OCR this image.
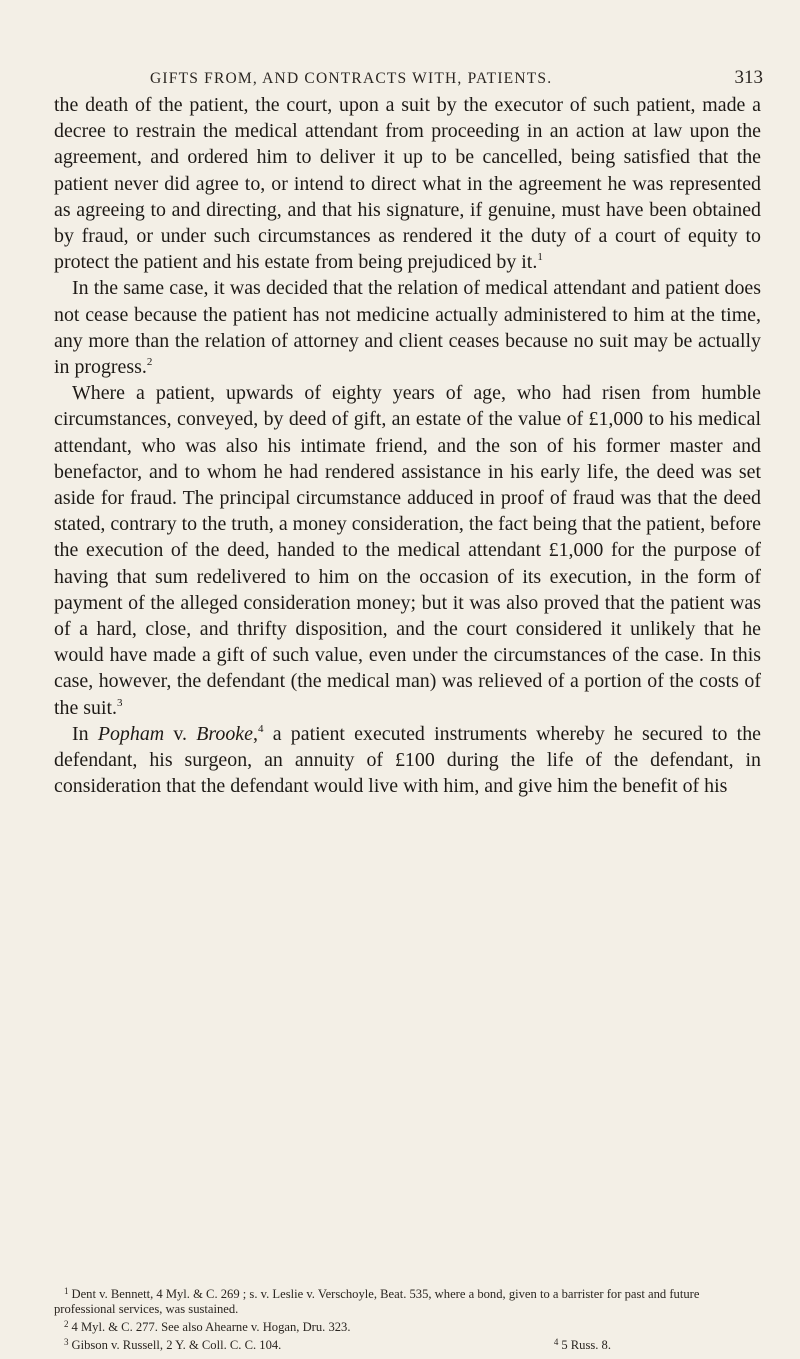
GIFTS FROM, AND CONTRACTS WITH, PATIENTS.	313

the death of the patient, the court, upon a suit by the executor of such patient, made a decree to restrain the medical attendant from proceeding in an action at law upon the agreement, and ordered him to deliver it up to be cancelled, being satisfied that the patient never did agree to, or intend to direct what in the agreement he was represented as agreeing to and directing, and that his signature, if genuine, must have been obtained by fraud, or under such circumstances as rendered it the duty of a court of equity to protect the patient and his estate from being prejudiced by it.$^1$

In the same case, it was decided that the relation of medical attendant and patient does not cease because the patient has not medicine actually administered to him at the time, any more than the relation of attorney and client ceases because no suit may be actually in progress.$^2$

Where a patient, upwards of eighty years of age, who had risen from humble circumstances, conveyed, by deed of gift, an estate of the value of £1,000 to his medical attendant, who was also his intimate friend, and the son of his former master and benefactor, and to whom he had rendered assistance in his early life, the deed was set aside for fraud. The principal circumstance adduced in proof of fraud was that the deed stated, contrary to the truth, a money consideration, the fact being that the patient, before the execution of the deed, handed to the medical attendant £1,000 for the purpose of having that sum redelivered to him on the occasion of its execution, in the form of payment of the alleged consideration money; but it was also proved that the patient was of a hard, close, and thrifty disposition, and the court considered it unlikely that he would have made a gift of such value, even under the circumstances of the case. In this case, however, the defendant (the medical man) was relieved of a portion of the costs of the suit.$^3$

In Popham v. Brooke,$^4$ a patient executed instruments whereby he secured to the defendant, his surgeon, an annuity of £100 during the life of the defendant, in consideration that the defendant would live with him, and give him the benefit of his

$^1$ Dent v. Bennett, 4 Myl. & C. 269 ; s. v. Leslie v. Verschoyle, Beat. 535, where a bond, given to a barrister for past and future professional services, was sustained.

$^2$ 4 Myl. & C. 277. See also Ahearne v. Hogan, Dru. 323.

$^3$ Gibson v. Russell, 2 Y. & Coll. C. C. 104.	$^4$ 5 Russ. 8.
